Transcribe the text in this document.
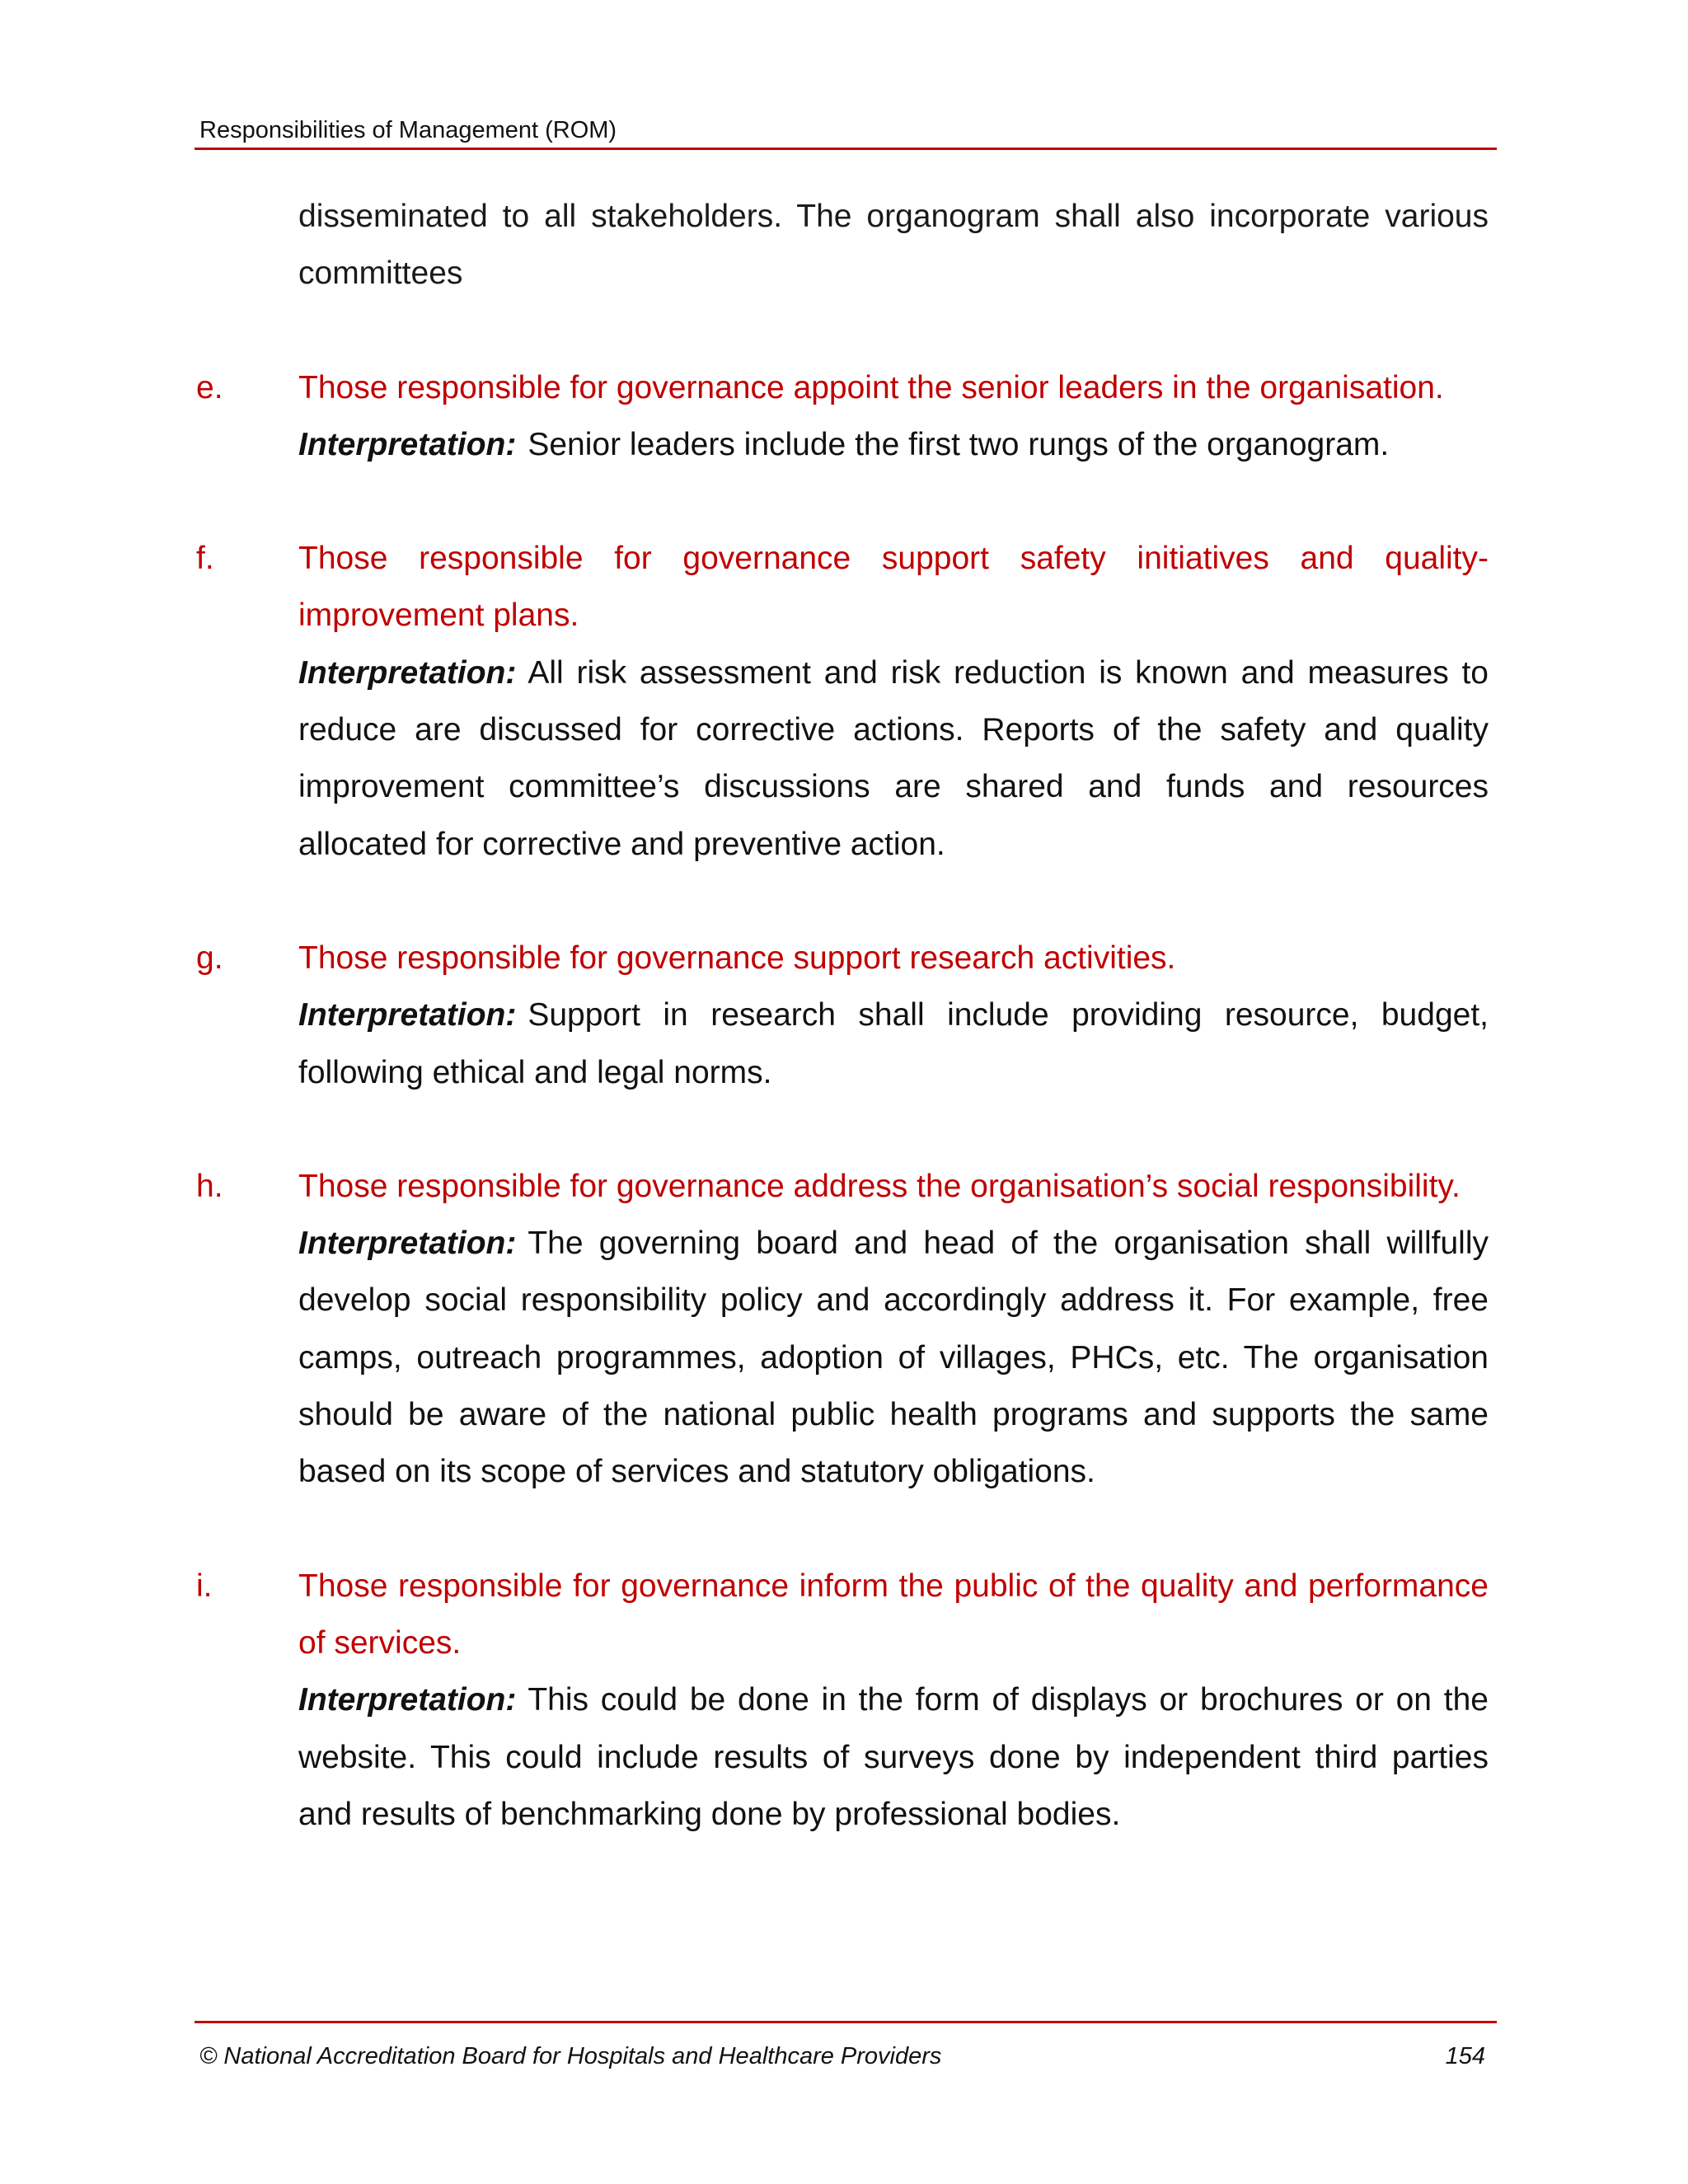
Responsibilities of Management (ROM)

disseminated to all stakeholders. The organogram shall also incorporate various committees

e. Those responsible for governance appoint the senior leaders in the organisation.

Interpretation: Senior leaders include the first two rungs of the organogram.

f.	Those responsible for governance support safety initiatives and quality-improvement plans.

Interpretation: All risk assessment and risk reduction is known and measures to reduce are discussed for corrective actions. Reports of the safety and quality improvement committee’s discussions are shared and funds and resources allocated for corrective and preventive action.

g. Those responsible for governance support research activities.

Interpretation: Support in research shall include providing resource, budget, following ethical and legal norms.

h. Those responsible for governance address the organisation’s social responsibility.

Interpretation: The governing board and head of the organisation shall willfully develop social responsibility policy and accordingly address it. For example, free camps, outreach programmes, adoption of villages, PHCs, etc. The organisation should be aware of the national public health programs and supports the same based on its scope of services and statutory obligations.

i.	Those responsible for governance inform the public of the quality and performance of services.

Interpretation: This could be done in the form of displays or brochures or on the website. This could include results of surveys done by independent third parties and results of benchmarking done by professional bodies.

© National Accreditation Board for Hospitals and Healthcare Providers	154
